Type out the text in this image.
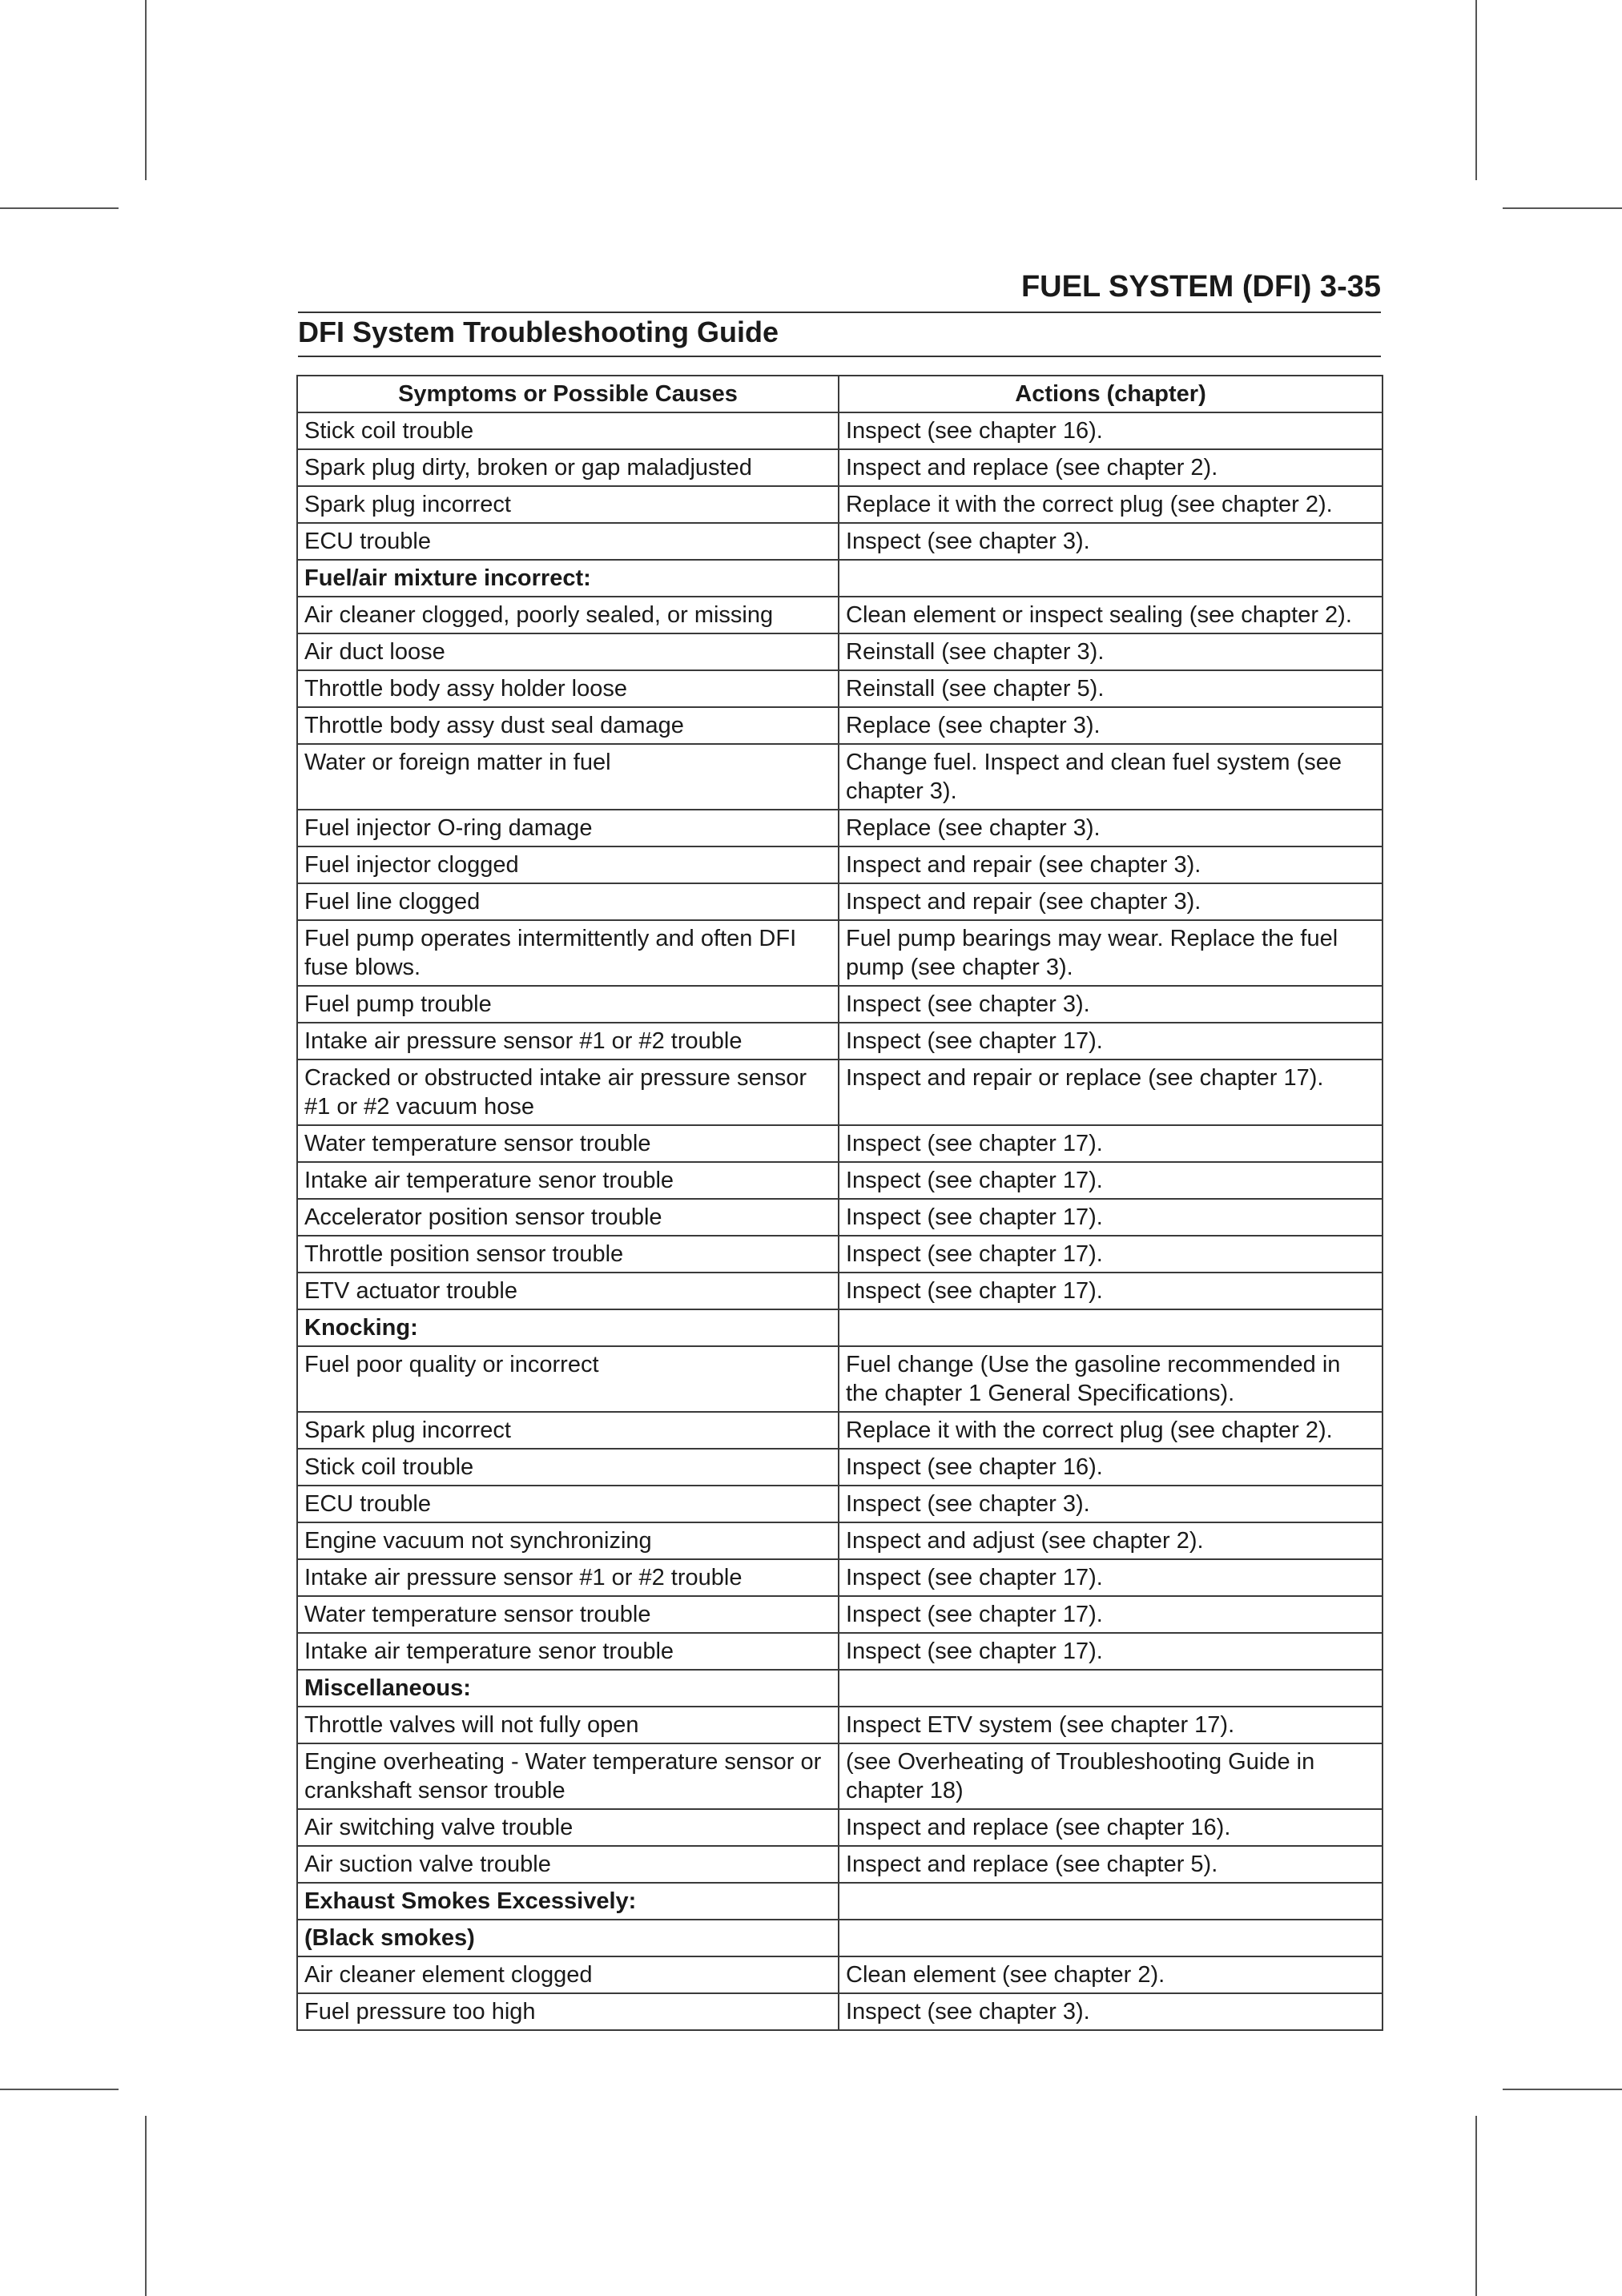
FUEL SYSTEM (DFI) 3-35
DFI System Troubleshooting Guide
Symptoms or Possible Causes	Actions (chapter)
Stick coil trouble	Inspect (see chapter 16).
Spark plug dirty, broken or gap maladjusted	Inspect and replace (see chapter 2).
Spark plug incorrect	Replace it with the correct plug (see chapter 2).
ECU trouble	Inspect (see chapter 3).
Fuel/air mixture incorrect:	
Air cleaner clogged, poorly sealed, or missing	Clean element or inspect sealing (see chapter 2).
Air duct loose	Reinstall (see chapter 3).
Throttle body assy holder loose	Reinstall (see chapter 5).
Throttle body assy dust seal damage	Replace (see chapter 3).
Water or foreign matter in fuel	Change fuel. Inspect and clean fuel system (see chapter 3).
Fuel injector O-ring damage	Replace (see chapter 3).
Fuel injector clogged	Inspect and repair (see chapter 3).
Fuel line clogged	Inspect and repair (see chapter 3).
Fuel pump operates intermittently and often DFI fuse blows.	Fuel pump bearings may wear. Replace the fuel pump (see chapter 3).
Fuel pump trouble	Inspect (see chapter 3).
Intake air pressure sensor #1 or #2 trouble	Inspect (see chapter 17).
Cracked or obstructed intake air pressure sensor #1 or #2 vacuum hose	Inspect and repair or replace (see chapter 17).
Water temperature sensor trouble	Inspect (see chapter 17).
Intake air temperature senor trouble	Inspect (see chapter 17).
Accelerator position sensor trouble	Inspect (see chapter 17).
Throttle position sensor trouble	Inspect (see chapter 17).
ETV actuator trouble	Inspect (see chapter 17).
Knocking:	
Fuel poor quality or incorrect	Fuel change (Use the gasoline recommended in the chapter 1 General Specifications).
Spark plug incorrect	Replace it with the correct plug (see chapter 2).
Stick coil trouble	Inspect (see chapter 16).
ECU trouble	Inspect (see chapter 3).
Engine vacuum not synchronizing	Inspect and adjust (see chapter 2).
Intake air pressure sensor #1 or #2 trouble	Inspect (see chapter 17).
Water temperature sensor trouble	Inspect (see chapter 17).
Intake air temperature senor trouble	Inspect (see chapter 17).
Miscellaneous:	
Throttle valves will not fully open	Inspect ETV system (see chapter 17).
Engine overheating - Water temperature sensor or crankshaft sensor trouble	(see Overheating of Troubleshooting Guide in chapter 18)
Air switching valve trouble	Inspect and replace (see chapter 16).
Air suction valve trouble	Inspect and replace (see chapter 5).
Exhaust Smokes Excessively:	
(Black smokes)	
Air cleaner element clogged	Clean element (see chapter 2).
Fuel pressure too high	Inspect (see chapter 3).
